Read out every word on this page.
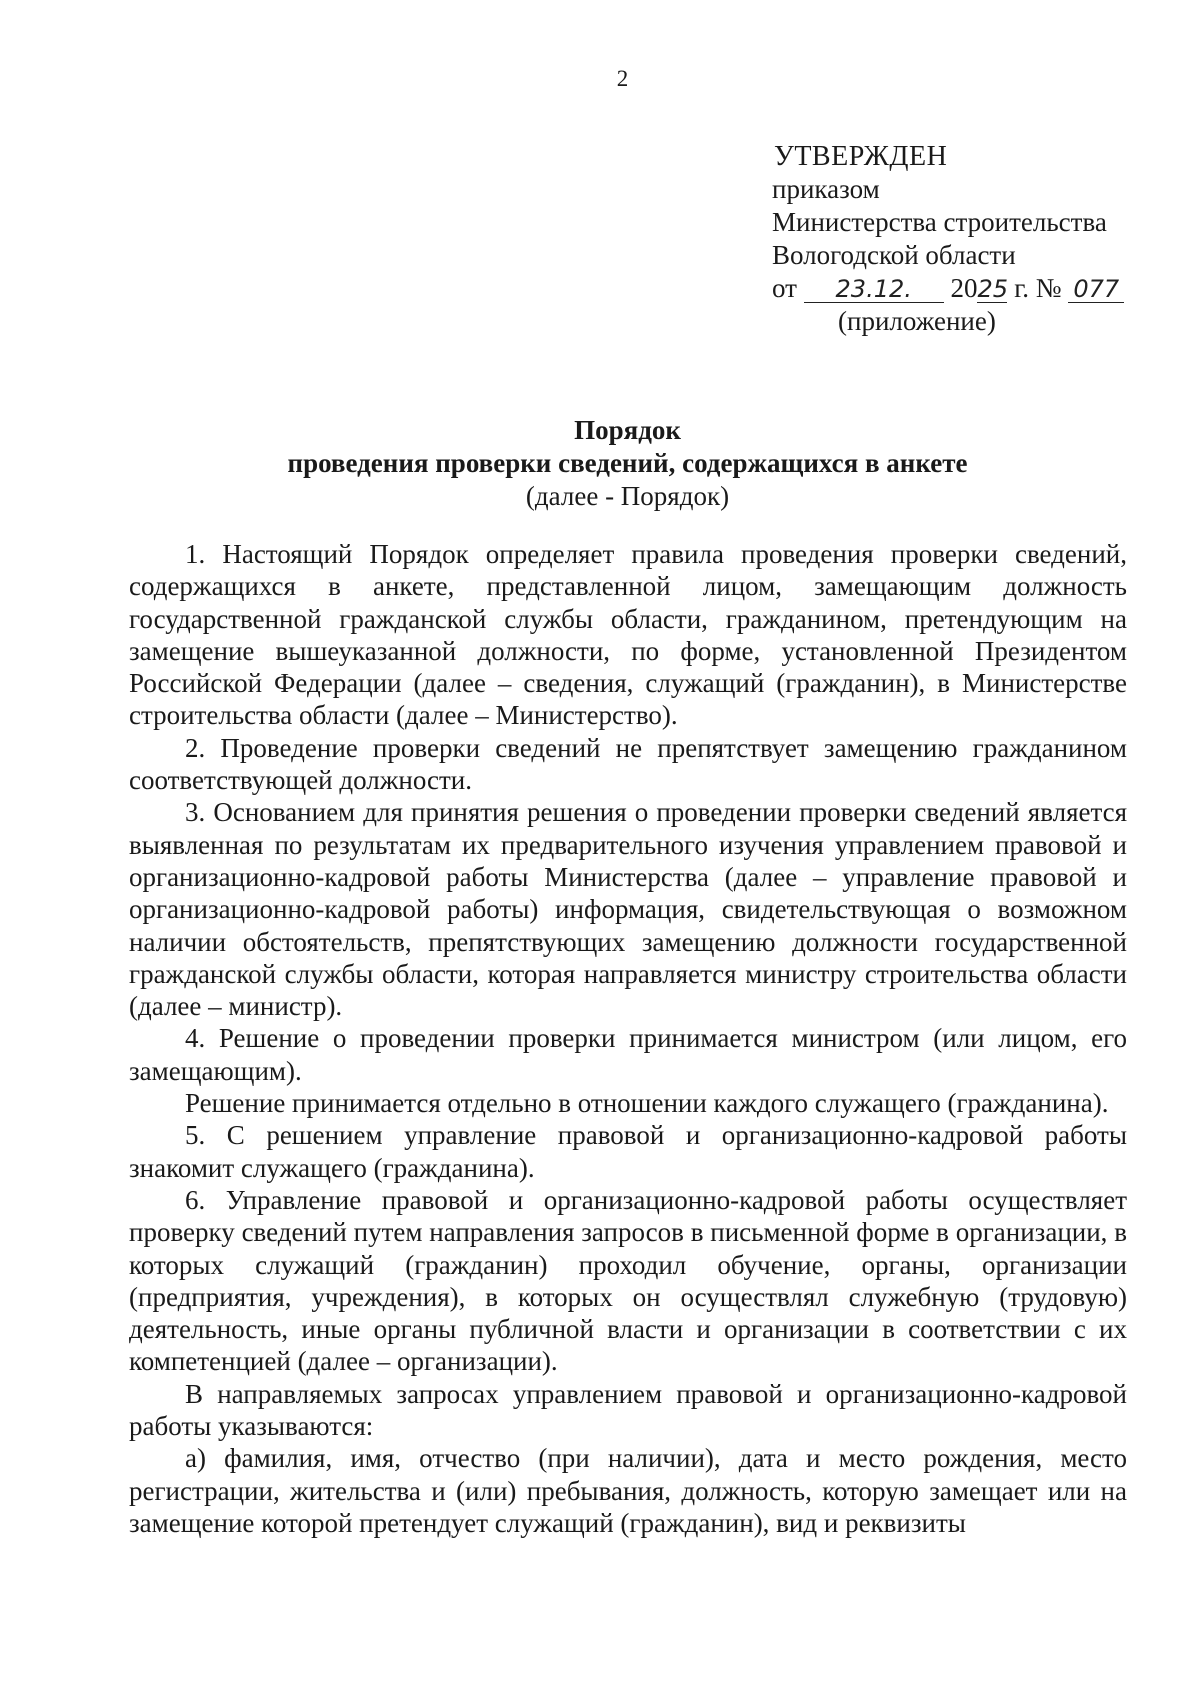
2
УТВЕРЖДЕН
приказом
Министерства строительства
Вологодской области
от 23.12. 2025 г. № 077
(приложение)
Порядок
проведения проверки сведений, содержащихся в анкете
(далее - Порядок)

1. Настоящий Порядок определяет правила проведения проверки сведений, содержащихся в анкете, представленной лицом, замещающим должность государственной гражданской службы области, гражданином, претендующим на замещение вышеуказанной должности, по форме, установленной Президентом Российской Федерации (далее – сведения, служащий (гражданин), в Министерстве строительства области (далее – Министерство).

2. Проведение проверки сведений не препятствует замещению гражданином соответствующей должности.

3. Основанием для принятия решения о проведении проверки сведений является выявленная по результатам их предварительного изучения управлением правовой и организационно-кадровой работы Министерства (далее – управление правовой и организационно-кадровой работы) информация, свидетельствующая о возможном наличии обстоятельств, препятствующих замещению должности государственной гражданской службы области, которая направляется министру строительства области (далее – министр).

4. Решение о проведении проверки принимается министром (или лицом, его замещающим).

Решение принимается отдельно в отношении каждого служащего (гражданина).

5. С решением управление правовой и организационно-кадровой работы знакомит служащего (гражданина).

6. Управление правовой и организационно-кадровой работы осуществляет проверку сведений путем направления запросов в письменной форме в организации, в которых служащий (гражданин) проходил обучение, органы, организации (предприятия, учреждения), в которых он осуществлял служебную (трудовую) деятельность, иные органы публичной власти и организации в соответствии с их компетенцией (далее – организации).

В направляемых запросах управлением правовой и организационно-кадровой работы указываются:

а) фамилия, имя, отчество (при наличии), дата и место рождения, место регистрации, жительства и (или) пребывания, должность, которую замещает или на замещение которой претендует служащий (гражданин), вид и реквизиты
